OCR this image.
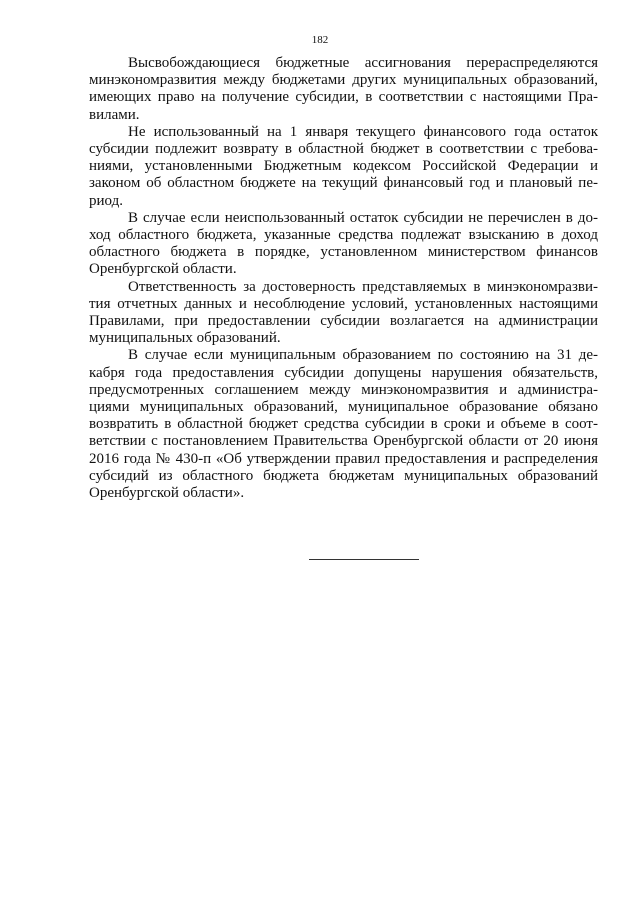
182

Высвобождающиеся бюджетные ассигнования перераспределяются минэкономразвития между бюджетами других муниципальных образований, имеющих право на получение субсидии, в соответствии с настоящими Правилами.

Не использованный на 1 января текущего финансового года остаток субсидии подлежит возврату в областной бюджет в соответствии с требованиями, установленными Бюджетным кодексом Российской Федерации и законом об областном бюджете на текущий финансовый год и плановый период.

В случае если неиспользованный остаток субсидии не перечислен в доход областного бюджета, указанные средства подлежат взысканию в доход областного бюджета в порядке, установленном министерством финансов Оренбургской области.

Ответственность за достоверность представляемых в минэкономразвития отчетных данных и несоблюдение условий, установленных настоящими Правилами, при предоставлении субсидии возлагается на администрации муниципальных образований.

В случае если муниципальным образованием по состоянию на 31 декабря года предоставления субсидии допущены нарушения обязательств, предусмотренных соглашением между минэкономразвития и администрациями муниципальных образований, муниципальное образование обязано возвратить в областной бюджет средства субсидии в сроки и объеме в соответствии с постановлением Правительства Оренбургской области от 20 июня 2016 года № 430-п «Об утверждении правил предоставления и распределения субсидий из областного бюджета бюджетам муниципальных образований Оренбургской области».
